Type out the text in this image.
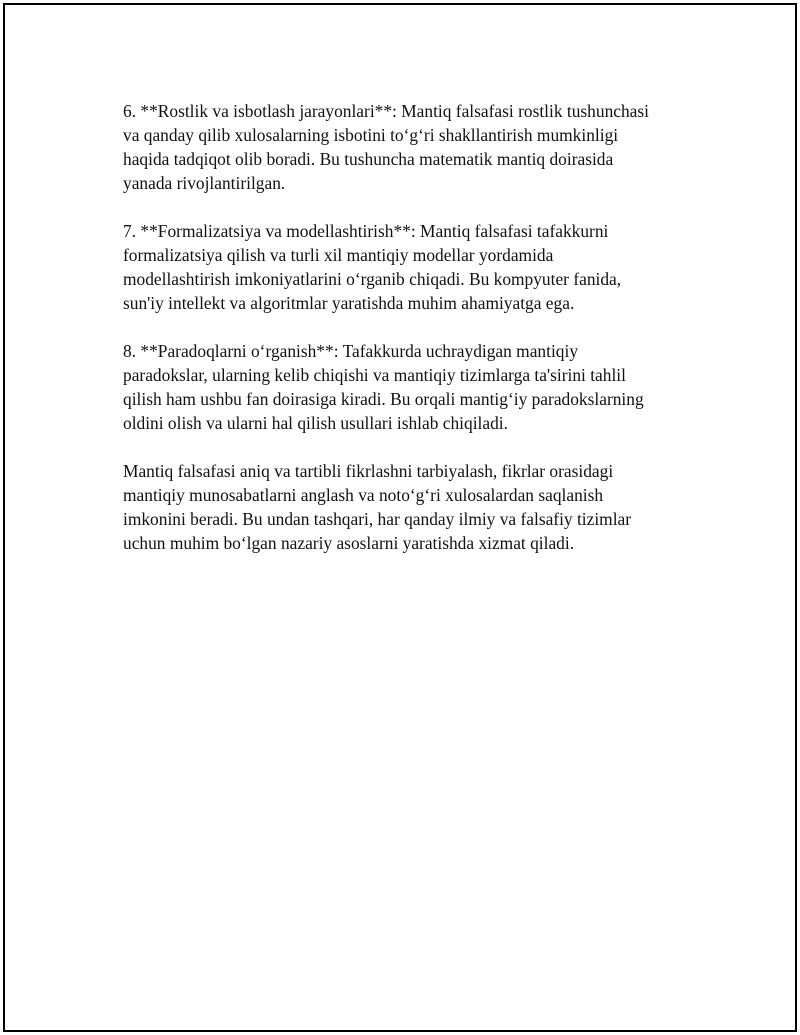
6. **Rostlik va isbotlash jarayonlari**: Mantiq falsafasi rostlik tushunchasi
va qanday qilib xulosalarning isbotini to‘g‘ri shakllantirish mumkinligi
haqida tadqiqot olib boradi. Bu tushuncha matematik mantiq doirasida
yanada rivojlantirilgan.

7. **Formalizatsiya va modellashtirish**: Mantiq falsafasi tafakkurni
formalizatsiya qilish va turli xil mantiqiy modellar yordamida
modellashtirish imkoniyatlarini o‘rganib chiqadi. Bu kompyuter fanida,
sun'iy intellekt va algoritmlar yaratishda muhim ahamiyatga ega.

8. **Paradoqlarni o‘rganish**: Tafakkurda uchraydigan mantiqiy
paradokslar, ularning kelib chiqishi va mantiqiy tizimlarga ta'sirini tahlil
qilish ham ushbu fan doirasiga kiradi. Bu orqali mantig‘iy paradokslarning
oldini olish va ularni hal qilish usullari ishlab chiqiladi.

Mantiq falsafasi aniq va tartibli fikrlashni tarbiyalash, fikrlar orasidagi
mantiqiy munosabatlarni anglash va noto‘g‘ri xulosalardan saqlanish
imkonini beradi. Bu undan tashqari, har qanday ilmiy va falsafiy tizimlar
uchun muhim bo‘lgan nazariy asoslarni yaratishda xizmat qiladi.
